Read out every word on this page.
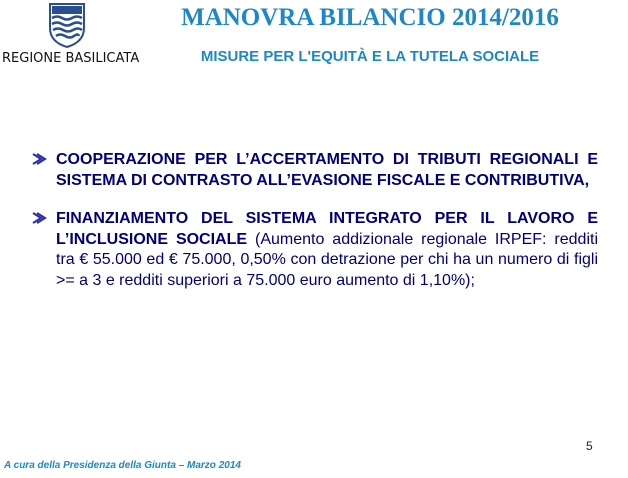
REGIONE BASILICATA
MANOVRA BILANCIO 2014/2016
MISURE PER L'EQUITÀ E LA TUTELA SOCIALE
COOPERAZIONE PER L’ACCERTAMENTO DI TRIBUTI REGIONALI E SISTEMA DI CONTRASTO ALL’EVASIONE FISCALE E CONTRIBUTIVA,
FINANZIAMENTO DEL SISTEMA INTEGRATO PER IL LAVORO E L’INCLUSIONE SOCIALE (Aumento addizionale regionale IRPEF: redditi tra € 55.000 ed € 75.000, 0,50% con detrazione per chi ha un numero di figli >= a 3 e redditi superiori a 75.000 euro aumento di 1,10%);
5
A cura della Presidenza della Giunta – Marzo 2014
